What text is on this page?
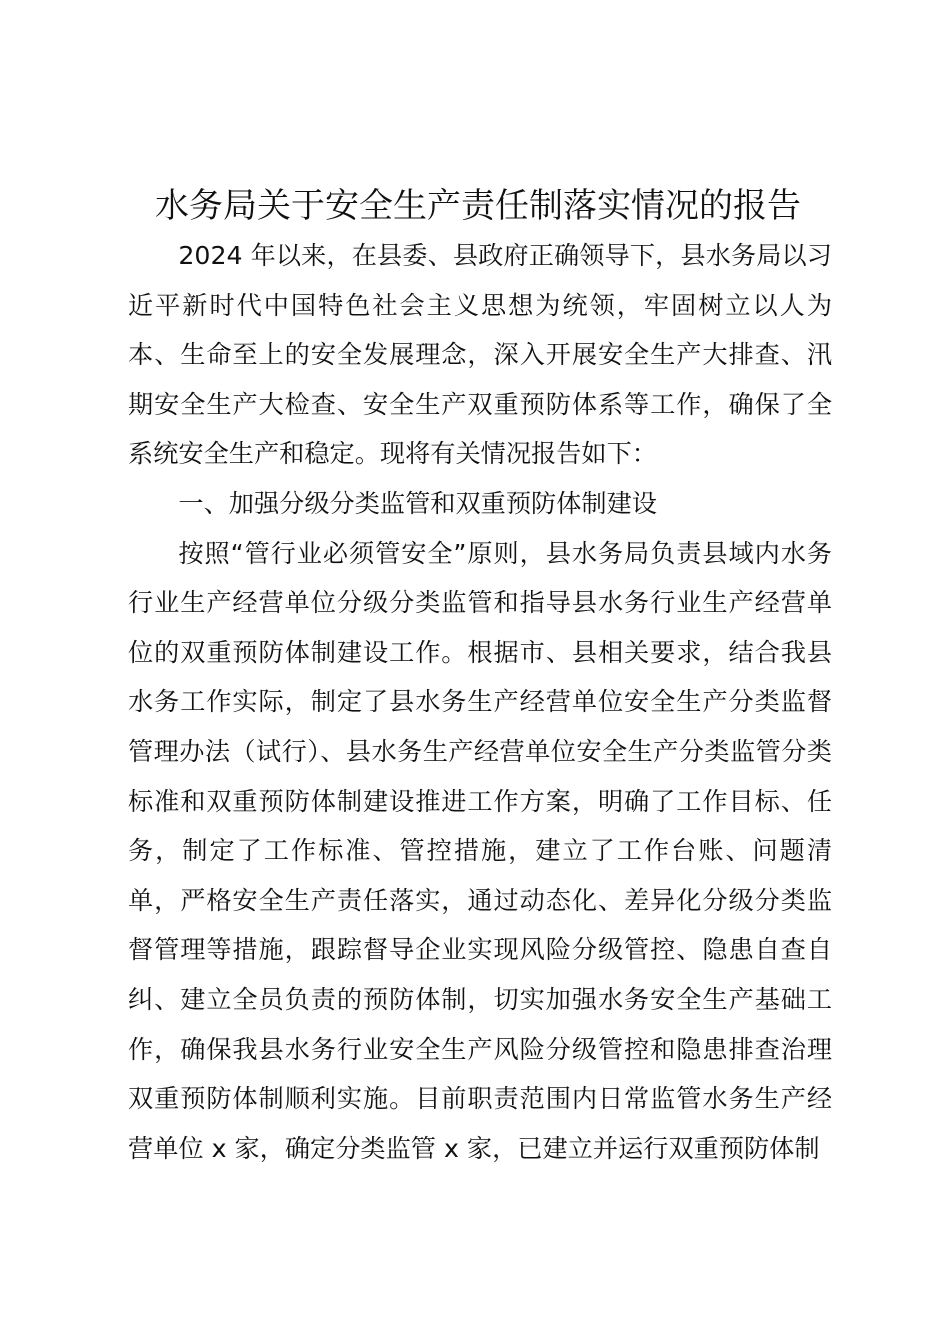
水务局关于安全生产责任制落实情况的报告

2024 年以来，在县委、县政府正确领导下，县水务局以习近平新时代中国特色社会主义思想为统领，牢固树立以人为本、生命至上的安全发展理念，深入开展安全生产大排查、汛期安全生产大检查、安全生产双重预防体系等工作，确保了全系统安全生产和稳定。现将有关情况报告如下：

一、加强分级分类监管和双重预防体制建设

按照“管行业必须管安全”原则，县水务局负责县域内水务行业生产经营单位分级分类监管和指导县水务行业生产经营单位的双重预防体制建设工作。根据市、县相关要求，结合我县水务工作实际，制定了县水务生产经营单位安全生产分类监督管理办法（试行）、县水务生产经营单位安全生产分类监管分类标准和双重预防体制建设推进工作方案，明确了工作目标、任务，制定了工作标准、管控措施，建立了工作台账、问题清单，严格安全生产责任落实，通过动态化、差异化分级分类监督管理等措施，跟踪督导企业实现风险分级管控、隐患自查自纠、建立全员负责的预防体制，切实加强水务安全生产基础工作，确保我县水务行业安全生产风险分级管控和隐患排查治理双重预防体制顺利实施。目前职责范围内日常监管水务生产经营单位 x 家，确定分类监管 x 家，已建立并运行双重预防体制
